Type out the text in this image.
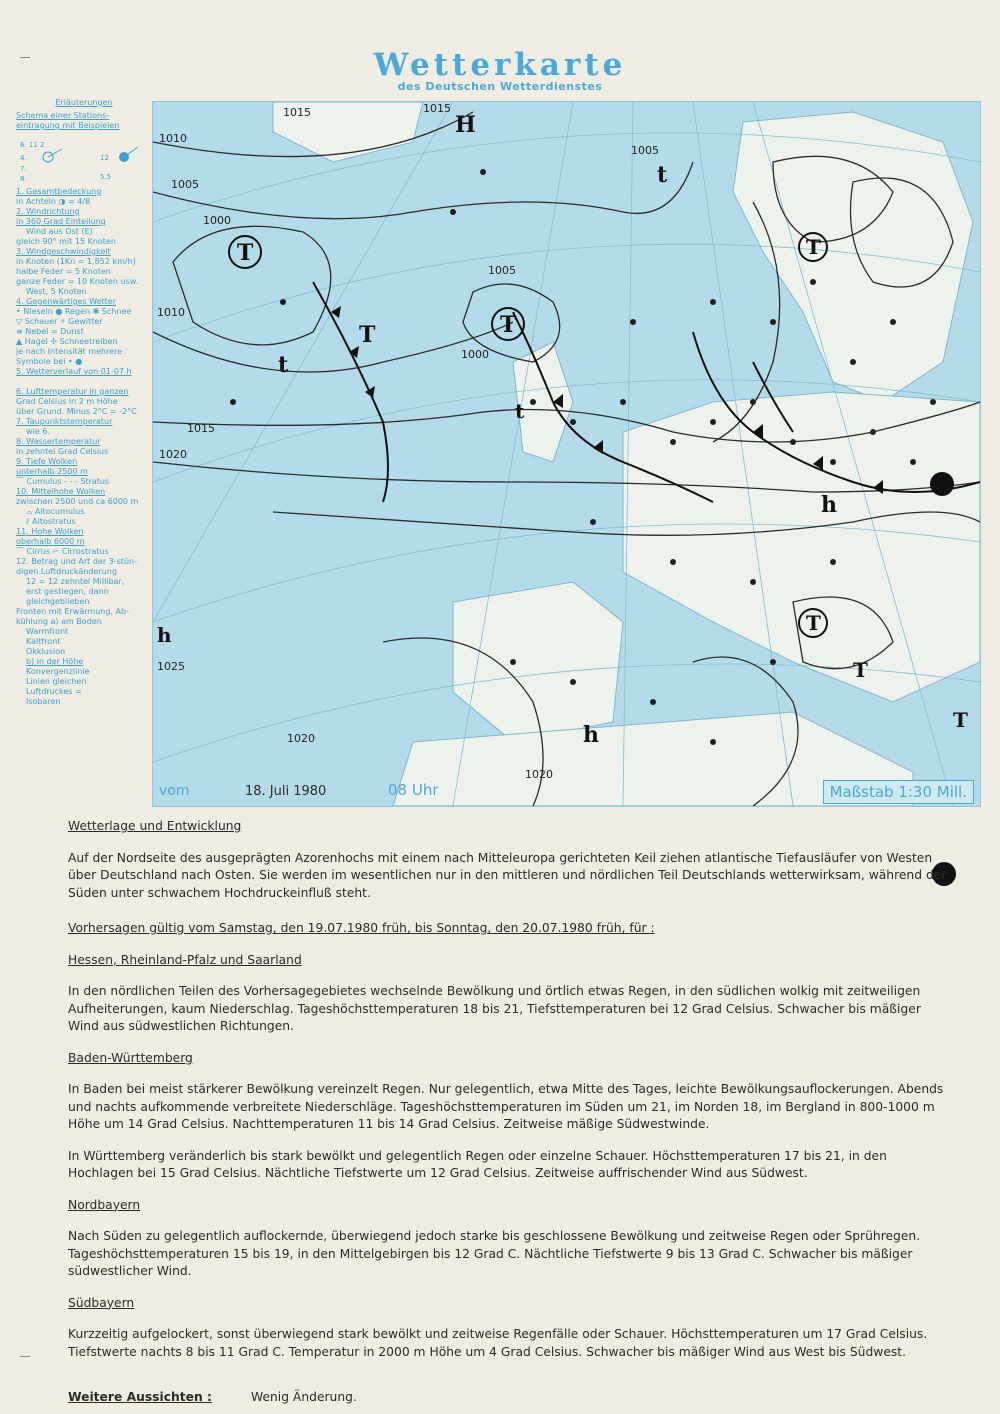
Wetterkarte
des Deutschen Wetterdienstes
Erläuterungen
Schema einer Stations-
eintragung mit Beispielen
6. 11 2
4.
7.
8.
12
5.5
1. Gesamtbedeckung
in Achteln ◑ = 4/8
2. Windrichtung
in 360 Grad Einteilung
Wind aus Ost (E)
gleich 90° mit 15 Knoten
3. Windgeschwindigkeit
in Knoten (1Kn = 1,852 km/h)
halbe Feder = 5 Knoten
ganze Feder = 10 Knoten usw.
West, 5 Knoten
4. Gegenwärtiges Wetter
• Nieseln ● Regen ✱ Schnee
▽ Schauer ⚡ Gewitter
≡ Nebel ∞ Dunst
▲ Hagel ✢ Schneetreiben
je nach Intensität mehrere
Symbole bei • ●
5. Wetterverlauf von 01-07 h
6. Lufttemperatur in ganzen
Grad Celsius in 2 m Höhe
über Grund. Minus 2°C = -2°C
7. Taupunktstemperatur
wie 6.
8. Wassertemperatur
in zehntel Grad Celsius
9. Tiefe Wolken
unterhalb 2500 m
⌒ Cumulus - - - Stratus
10. Mittelhohe Wolken
zwischen 2500 und ca 6000 m
⌓ Altocumulus
⫽ Altostratus
11. Hohe Wolken
oberhalb 6000 m
⌒ Cirrus ⌐ Cirrostratus
12. Betrag und Art der 3-stün-
digen Luftdruckänderung
12 = 12 zehntel Millibar,
erst gestiegen, dann
gleichgeblieben
Fronten mit Erwärmung, Ab-
kühlung a) am Boden
Warmfront
Kaltfront
Okklusion
b) in der Höhe
Konvergenzlinie
Linien gleichen
Luftdruckes =
Isobaren
1015
1010
1005
1000
1010
1015
1020
1025
1020
1020
1005
1000
1005
1015
T
T
T
t
T
t
t
T
T
T
H
h
h
h
vom	18. Juli 1980	08 Uhr	Maßstab 1:30 Mill.

Wetterlage und Entwicklung

Auf der Nordseite des ausgeprägten Azorenhochs mit einem nach Mitteleuropa gerichteten Keil ziehen atlantische Tiefausläufer von Westen über Deutschland nach Osten. Sie werden im wesentlichen nur in den mittleren und nördlichen Teil Deutschlands wetterwirksam, während der Süden unter schwachem Hochdruckeinfluß steht.

Vorhersagen gültig vom Samstag, den 19.07.1980 früh, bis Sonntag, den 20.07.1980 früh, für :

Hessen, Rheinland-Pfalz und Saarland

In den nördlichen Teilen des Vorhersagegebietes wechselnde Bewölkung und örtlich etwas Regen, in den südlichen wolkig mit zeitweiligen Aufheiterungen, kaum Niederschlag. Tageshöchsttemperaturen 18 bis 21, Tiefsttemperaturen bei 12 Grad Celsius. Schwacher bis mäßiger Wind aus südwestlichen Richtungen.

Baden-Württemberg

In Baden bei meist stärkerer Bewölkung vereinzelt Regen. Nur gelegentlich, etwa Mitte des Tages, leichte Bewölkungsauflockerungen. Abends und nachts aufkommende verbreitete Niederschläge. Tageshöchsttemperaturen im Süden um 21, im Norden 18, im Bergland in 800-1000 m Höhe um 14 Grad Celsius. Nachttemperaturen 11 bis 14 Grad Celsius. Zeitweise mäßige Südwestwinde.

In Württemberg veränderlich bis stark bewölkt und gelegentlich Regen oder einzelne Schauer. Höchsttemperaturen 17 bis 21, in den Hochlagen bei 15 Grad Celsius. Nächtliche Tiefstwerte um 12 Grad Celsius. Zeitweise auffrischender Wind aus Südwest.

Nordbayern

Nach Süden zu gelegentlich auflockernde, überwiegend jedoch starke bis geschlossene Bewölkung und zeitweise Regen oder Sprühregen. Tageshöchsttemperaturen 15 bis 19, in den Mittelgebirgen bis 12 Grad C. Nächtliche Tiefstwerte 9 bis 13 Grad C. Schwacher bis mäßiger südwestlicher Wind.

Südbayern

Kurzzeitig aufgelockert, sonst überwiegend stark bewölkt und zeitweise Regenfälle oder Schauer. Höchsttemperaturen um 17 Grad Celsius. Tiefstwerte nachts 8 bis 11 Grad C. Temperatur in 2000 m Höhe um 4 Grad Celsius. Schwacher bis mäßiger Wind aus West bis Südwest.

Weitere Aussichten :	Wenig Änderung.
